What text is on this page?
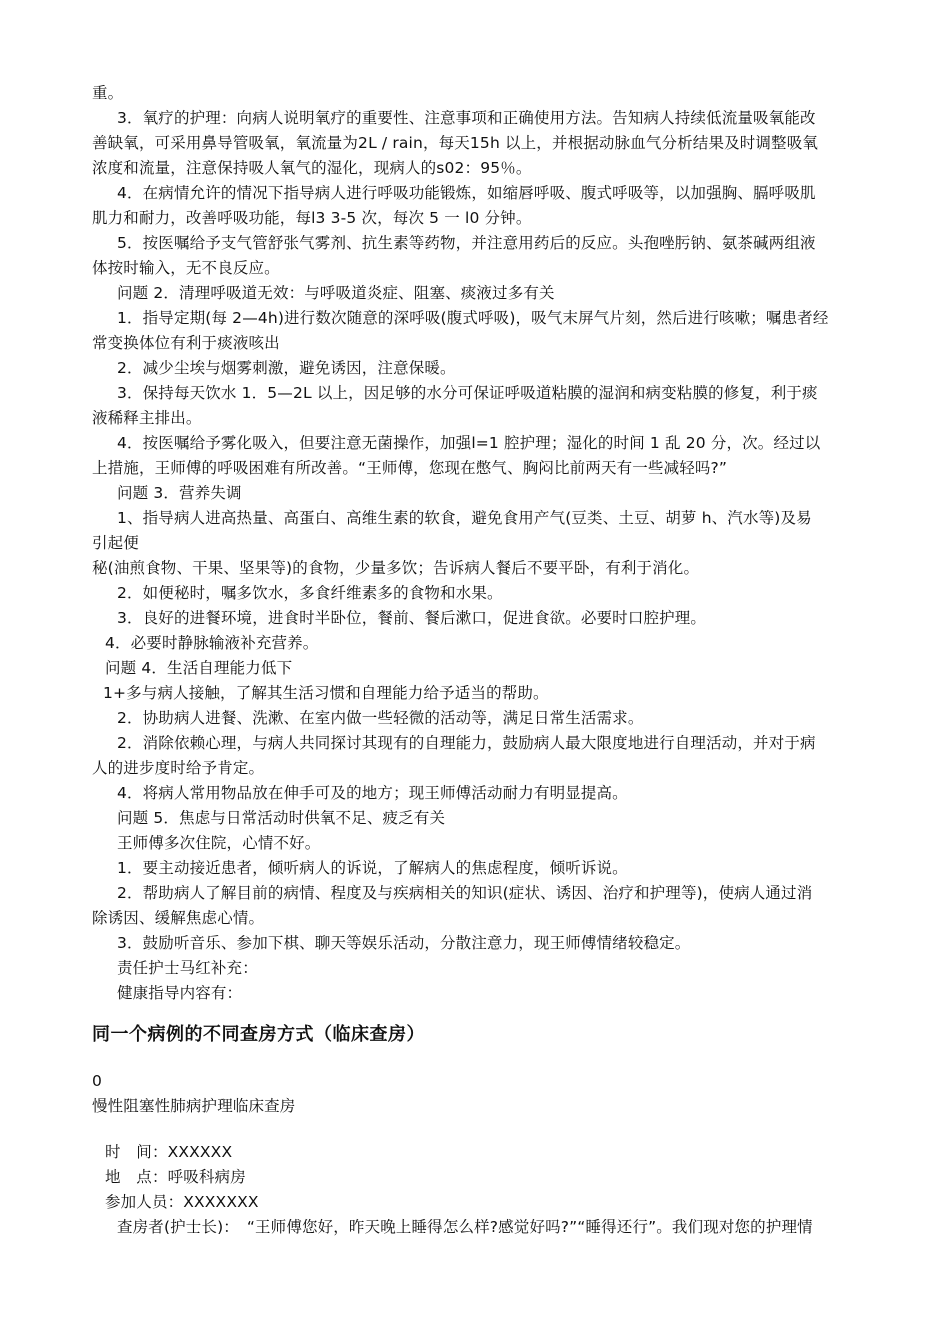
重。
3．氧疗的护理：向病人说明氧疗的重要性、注意事项和正确使用方法。告知病人持续低流量吸氧能改
善缺氧，可采用鼻导管吸氧，氧流量为2L / rain，每天15h 以上，并根据动脉血气分析结果及时调整吸氧
浓度和流量，注意保持吸人氧气的湿化，现病人的s02：95％。
4．在病情允许的情况下指导病人进行呼吸功能锻炼，如缩唇呼吸、腹式呼吸等，以加强胸、膈呼吸肌
肌力和耐力，改善呼吸功能，每l3 3-5 次，每次 5 一 l0 分钟。
5．按医嘱给予支气管舒张气雾剂、抗生素等药物，并注意用药后的反应。头孢唑肟钠、氨茶碱两组液
体按时输入，无不良反应。
问题 2．清理呼吸道无效：与呼吸道炎症、阻塞、痰液过多有关
1．指导定期(每 2—4h)进行数次随意的深呼吸(腹式呼吸)，吸气末屏气片刻，然后进行咳嗽；嘱患者经
常变换体位有利于痰液咳出
2．减少尘埃与烟雾刺激，避免诱因，注意保暖。
3．保持每天饮水 1．5—2L 以上，因足够的水分可保证呼吸道粘膜的湿润和病变粘膜的修复，利于痰
液稀释主排出。
4．按医嘱给予雾化吸入，但要注意无菌操作，加强l=1 腔护理；湿化的时间 1 乱 20 分，次。经过以
上措施，王师傅的呼吸困难有所改善。“王师傅，您现在憋气、胸闷比前两天有一些减轻吗?”
问题 3．营养失调
1、指导病人进高热量、高蛋白、高维生素的软食，避免食用产气(豆类、土豆、胡萝 h、汽水等)及易
引起便
秘(油煎食物、干果、坚果等)的食物，少量多饮；告诉病人餐后不要平卧，有利于消化。
2．如便秘时，嘱多饮水，多食纤维素多的食物和水果。
3．良好的进餐环境，进食时半卧位，餐前、餐后漱口，促进食欲。必要时口腔护理。
4．必要时静脉输液补充营养。
问题 4．生活自理能力低下
1+多与病人接触，了解其生活习惯和自理能力给予适当的帮助。
2．协助病人进餐、洗漱、在室内做一些轻微的活动等，满足日常生活需求。
2．消除依赖心理，与病人共同探讨其现有的自理能力，鼓励病人最大限度地进行自理活动，并对于病
人的进步度时给予肯定。
4．将病人常用物品放在伸手可及的地方；现王师傅活动耐力有明显提高。
问题 5．焦虑与日常活动时供氧不足、疲乏有关
王师傅多次住院，心情不好。
1．要主动接近患者，倾听病人的诉说，了解病人的焦虑程度，倾听诉说。
2．帮助病人了解目前的病情、程度及与疾病相关的知识(症状、诱因、治疗和护理等)，使病人通过消
除诱因、缓解焦虑心情。
3．鼓励听音乐、参加下棋、聊天等娱乐活动，分散注意力，现王师傅情绪较稳定。
责任护士马红补充：
健康指导内容有：
同一个病例的不同查房方式（临床查房）
0
慢性阻塞性肺病护理临床查房
时　间：XXXXXX
地　点：呼吸科病房
参加人员：XXXXXXX
查房者(护士长)：　“王师傅您好，昨天晚上睡得怎么样?感觉好吗?”“睡得还行”。我们现对您的护理情
